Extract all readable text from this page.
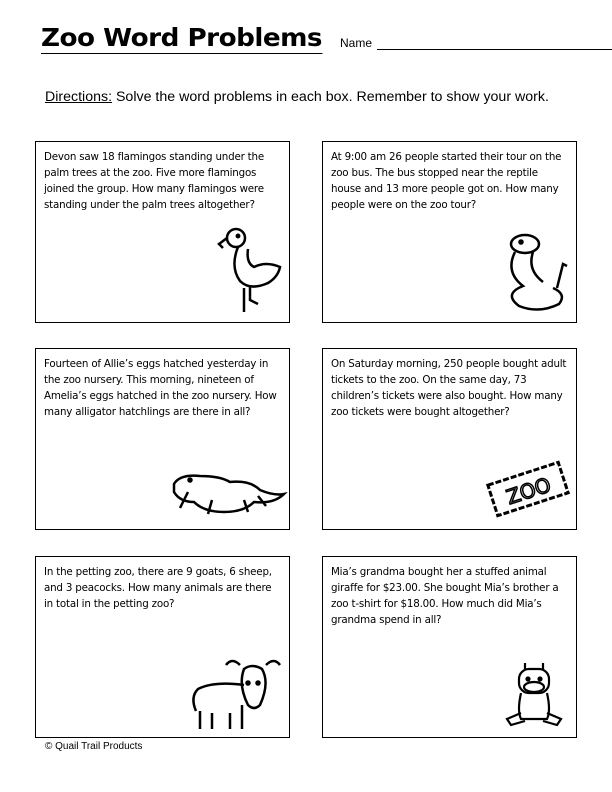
Zoo Word Problems Name
Directions: Solve the word problems in each box. Remember to show your work.

Devon saw 18 flamingos standing under the palm trees at the zoo. Five more flamingos joined the group. How many flamingos were standing under the palm trees altogether?

At 9:00 am 26 people started their tour on the zoo bus. The bus stopped near the reptile house and 13 more people got on. How many people were on the zoo tour?

Fourteen of Allie’s eggs hatched yesterday in the zoo nursery. This morning, nineteen of Amelia’s eggs hatched in the zoo nursery. How many alligator hatchlings are there in all?

On Saturday morning, 250 people bought adult tickets to the zoo. On the same day, 73 children’s tickets were also bought. How many zoo tickets were bought altogether?

ZOO

In the petting zoo, there are 9 goats, 6 sheep, and 3 peacocks. How many animals are there in total in the petting zoo?

Mia’s grandma bought her a stuffed animal giraffe for $23.00. She bought Mia’s brother a zoo t-shirt for $18.00. How much did Mia’s grandma spend in all?

© Quail Trail Products
